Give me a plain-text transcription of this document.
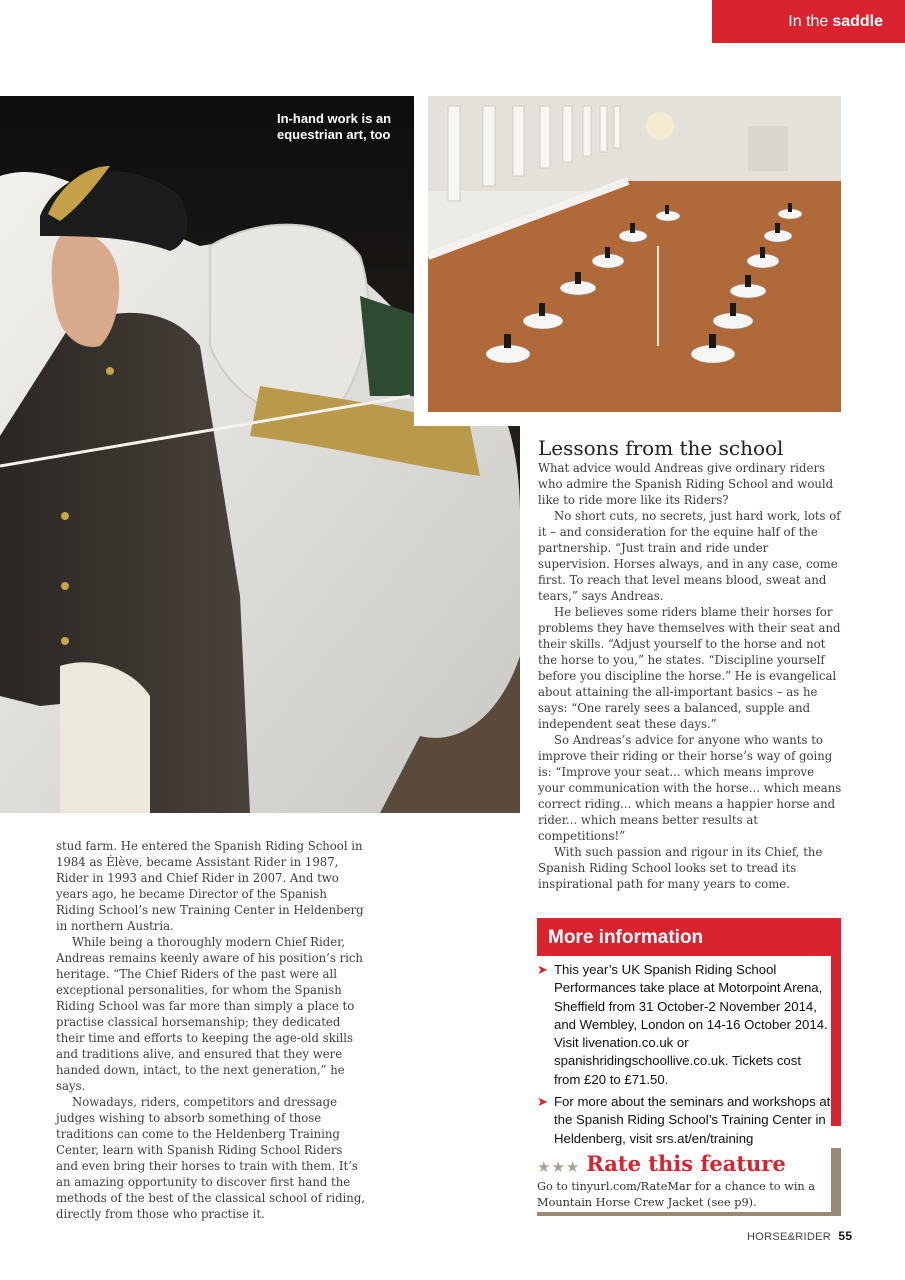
In the saddle
In-hand work is an equestrian art, too
Lessons from the school

What advice would Andreas give ordinary riders who admire the Spanish Riding School and would like to ride more like its Riders?

No short cuts, no secrets, just hard work, lots of it – and consideration for the equine half of the partnership. “Just train and ride under supervision. Horses always, and in any case, come first. To reach that level means blood, sweat and tears,” says Andreas.

He believes some riders blame their horses for problems they have themselves with their seat and their skills. “Adjust yourself to the horse and not the horse to you,” he states. “Discipline yourself before you discipline the horse.” He is evangelical about attaining the all-important basics – as he says: “One rarely sees a balanced, supple and independent seat these days.”

So Andreas’s advice for anyone who wants to improve their riding or their horse’s way of going is: “Improve your seat... which means improve your communication with the horse... which means correct riding... which means a happier horse and rider... which means better results at competitions!”

With such passion and rigour in its Chief, the Spanish Riding School looks set to tread its inspirational path for many years to come.

stud farm. He entered the Spanish Riding School in 1984 as Élève, became Assistant Rider in 1987, Rider in 1993 and Chief Rider in 2007. And two years ago, he became Director of the Spanish Riding School’s new Training Center in Heldenberg in northern Austria.

While being a thoroughly modern Chief Rider, Andreas remains keenly aware of his position’s rich heritage. “The Chief Riders of the past were all exceptional personalities, for whom the Spanish Riding School was far more than simply a place to practise classical horsemanship; they dedicated their time and efforts to keeping the age-old skills and traditions alive, and ensured that they were handed down, intact, to the next generation,” he says.

Nowadays, riders, competitors and dressage judges wishing to absorb something of those traditions can come to the Heldenberg Training Center, learn with Spanish Riding School Riders and even bring their horses to train with them. It’s an amazing opportunity to discover first hand the methods of the best of the classical school of riding, directly from those who practise it.

More information
➤ This year’s UK Spanish Riding School Performances take place at Motorpoint Arena, Sheffield from 31 October-2 November 2014, and Wembley, London on 14-16 October 2014. Visit livenation.co.uk or spanishridingschoollive.co.uk. Tickets cost from £20 to £71.50.
➤ For more about the seminars and workshops at the Spanish Riding School’s Training Center in Heldenberg, visit srs.at/en/training
★★★ Rate this feature
Go to tinyurl.com/RateMar for a chance to win a Mountain Horse Crew Jacket (see p9).
HORSE&RIDER 55
